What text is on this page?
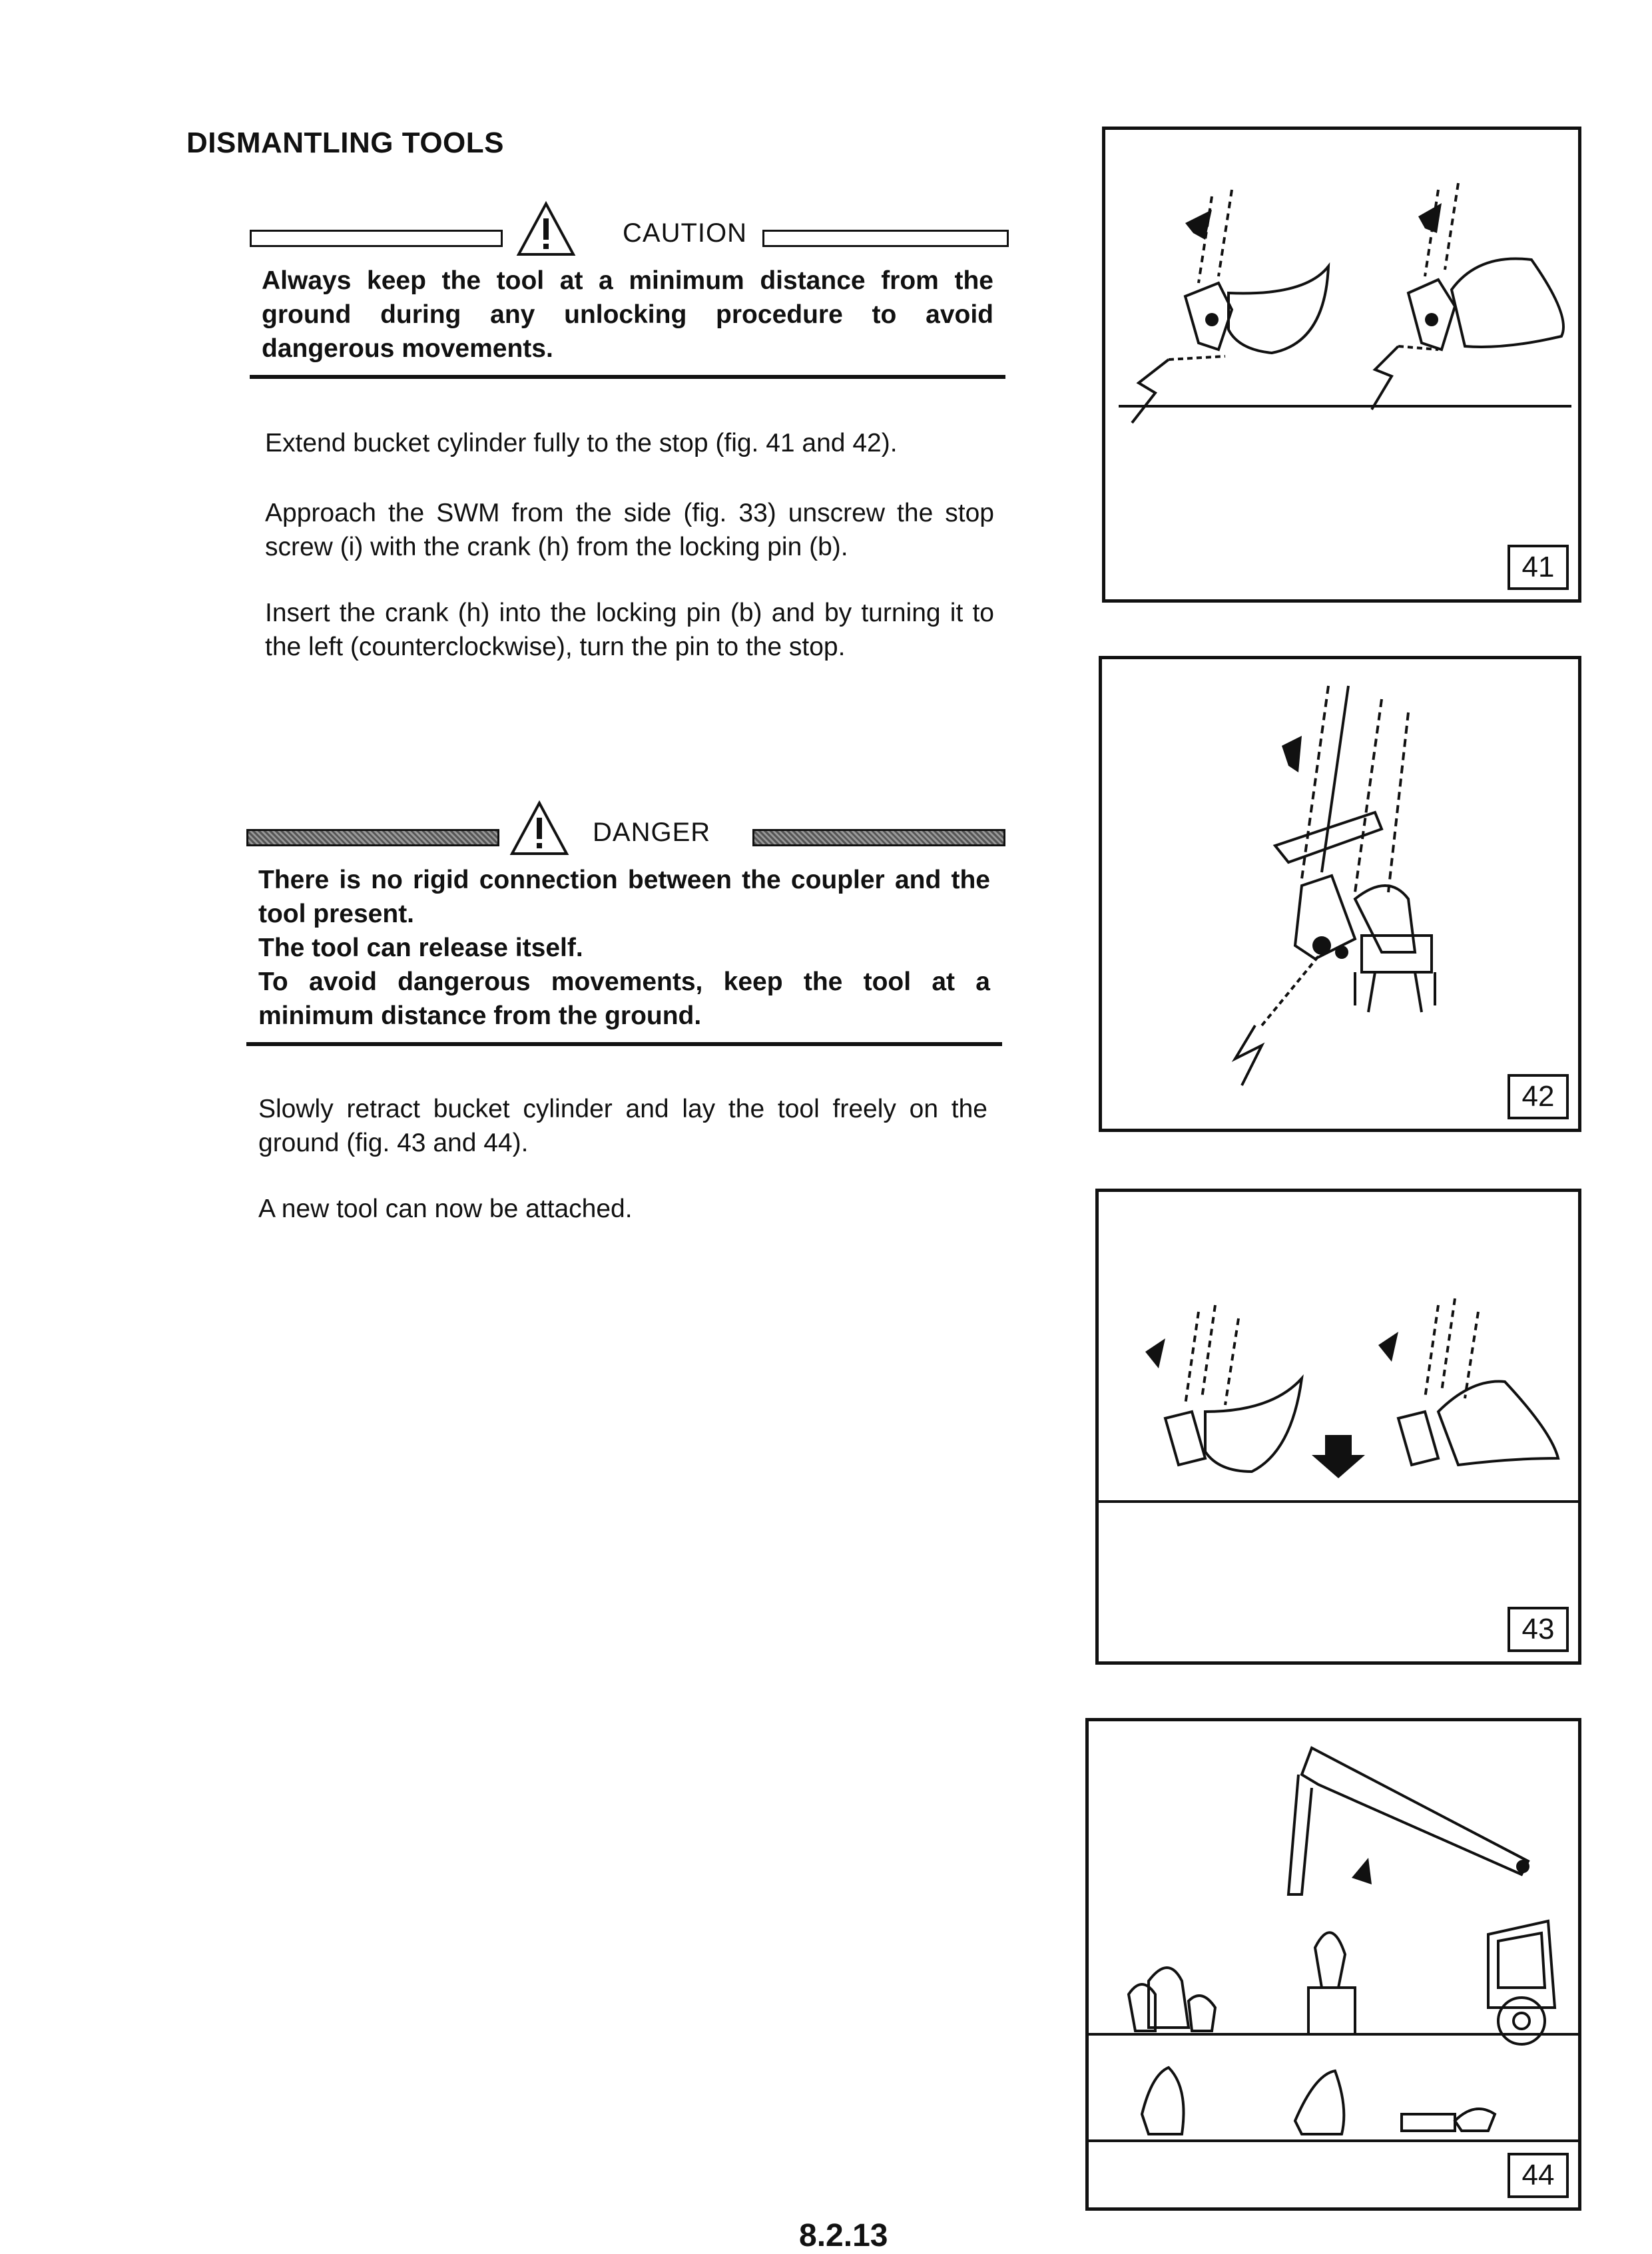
DISMANTLING TOOLS
CAUTION

Always keep the tool at a minimum distance from the ground during any unlocking procedure to avoid dangerous movements.

Extend bucket cylinder fully to the stop (fig. 41 and 42).

Approach the SWM from the side (fig. 33) unscrew the stop screw (i) with the crank (h) from the locking pin (b).

Insert the crank (h) into the locking pin (b) and by turning it to the left (counterclockwise), turn the pin to the stop.

DANGER

There is no rigid connection between the coupler and the tool present.

The tool can release itself.

To avoid dangerous movements, keep the tool at a minimum distance from the ground.

Slowly retract bucket cylinder and lay the tool freely on the ground (fig. 43 and 44).

A new tool can now be attached.

41
42
43
44
8.2.13
